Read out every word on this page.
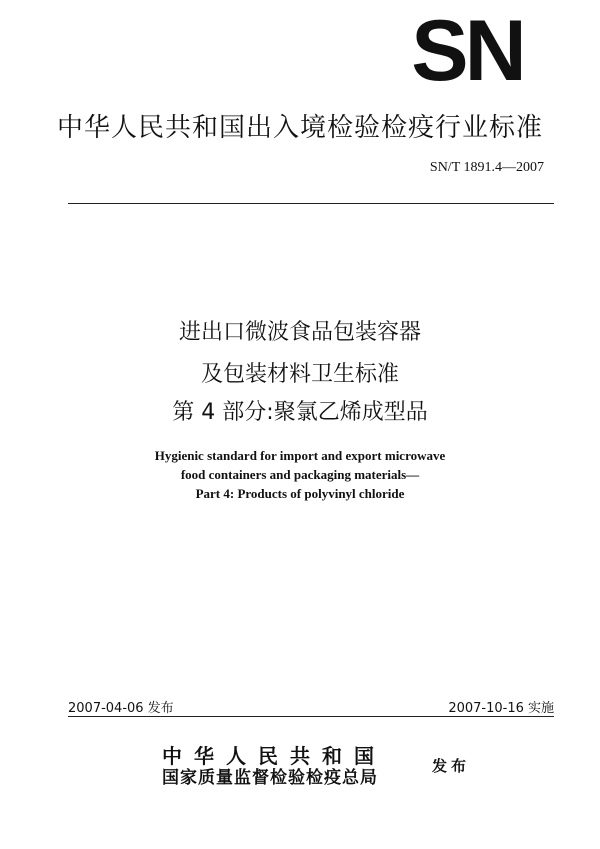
SN
中华人民共和国出入境检验检疫行业标准
SN/T 1891.4—2007
进出口微波食品包装容器
及包装材料卫生标准
第 4 部分:聚氯乙烯成型品
Hygienic standard for import and export microwave
food containers and packaging materials—
Part 4: Products of polyvinyl chloride
2007-04-06 发布	2007-10-16 实施
中华人民共和国
国家质量监督检验检疫总局
发布
